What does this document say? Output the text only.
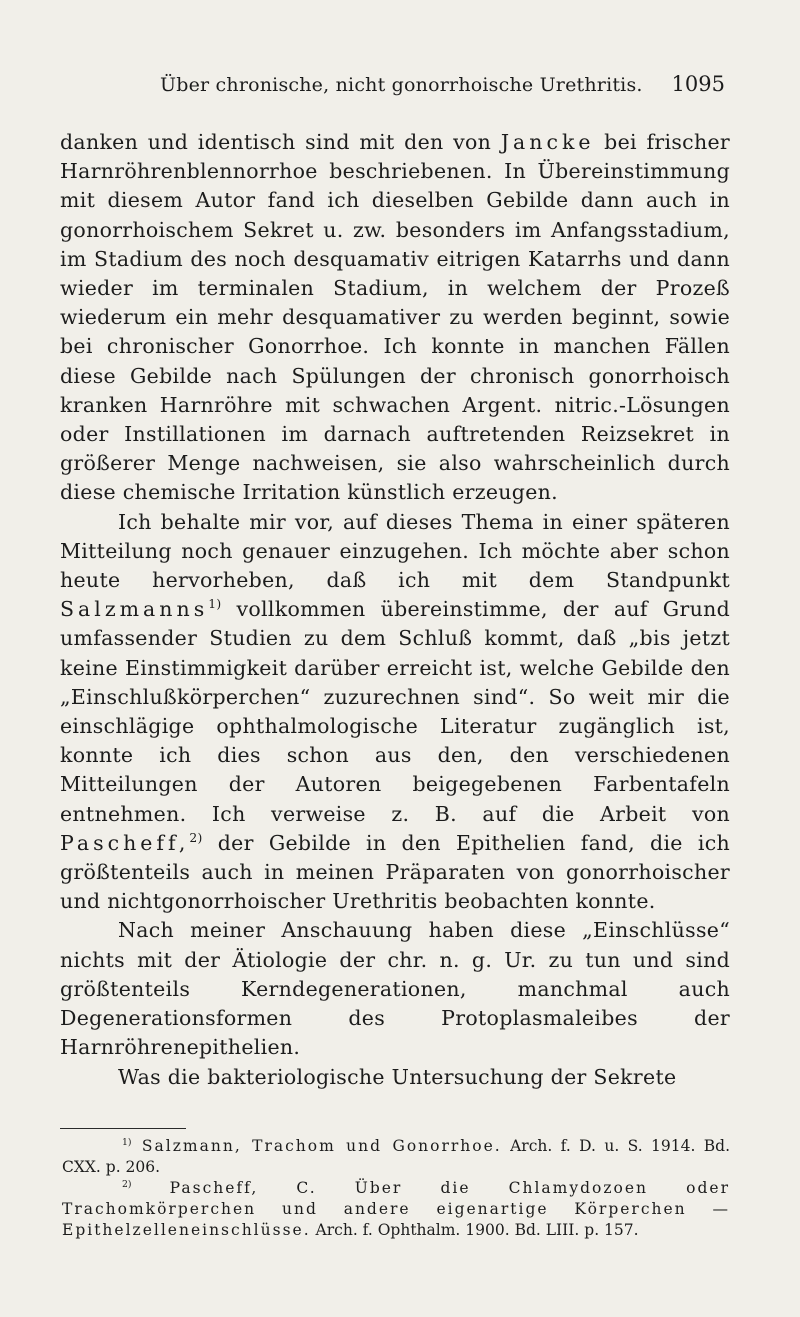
Über chronische, nicht gonorrhoische Urethritis. 1095

danken und identisch sind mit den von Jancke bei frischer Harnröhrenblennorrhoe beschriebenen. In Übereinstimmung mit diesem Autor fand ich dieselben Gebilde dann auch in gonorrhoischem Sekret u. zw. besonders im Anfangsstadium, im Stadium des noch desquamativ eitrigen Katarrhs und dann wieder im terminalen Stadium, in welchem der Prozeß wiederum ein mehr desquamativer zu werden beginnt, sowie bei chronischer Gonorrhoe. Ich konnte in manchen Fällen diese Gebilde nach Spülungen der chronisch gonorrhoisch kranken Harnröhre mit schwachen Argent. nitric.-Lösungen oder Instillationen im darnach auftretenden Reizsekret in größerer Menge nachweisen, sie also wahrscheinlich durch diese chemische Irritation künstlich erzeugen.

Ich behalte mir vor, auf dieses Thema in einer späteren Mitteilung noch genauer einzugehen. Ich möchte aber schon heute hervorheben, daß ich mit dem Standpunkt Salzmanns$^{1)}$ vollkommen übereinstimme, der auf Grund umfassender Studien zu dem Schluß kommt, daß „bis jetzt keine Einstimmigkeit darüber erreicht ist, welche Gebilde den „Einschlußkörperchen“ zuzurechnen sind“. So weit mir die einschlägige ophthalmologische Literatur zugänglich ist, konnte ich dies schon aus den, den verschiedenen Mitteilungen der Autoren beigegebenen Farbentafeln entnehmen. Ich verweise z. B. auf die Arbeit von Pascheff,$^{2)}$ der Gebilde in den Epithelien fand, die ich größtenteils auch in meinen Präparaten von gonorrhoischer und nichtgonorrhoischer Urethritis beobachten konnte.

Nach meiner Anschauung haben diese „Einschlüsse“ nichts mit der Ätiologie der chr. n. g. Ur. zu tun und sind größtenteils Kerndegenerationen, manchmal auch Degenerationsformen des Protoplasmaleibes der Harnröhrenepithelien.

Was die bakteriologische Untersuchung der Sekrete

$^{1)}$ Salzmann, Trachom und Gonorrhoe. Arch. f. D. u. S. 1914. Bd. CXX. p. 206.

$^{2)}$ Pascheff, C. Über die Chlamydozoen oder Trachomkörperchen und andere eigenartige Körperchen — Epithelzelleneinschlüsse. Arch. f. Ophthalm. 1900. Bd. LIII. p. 157.
